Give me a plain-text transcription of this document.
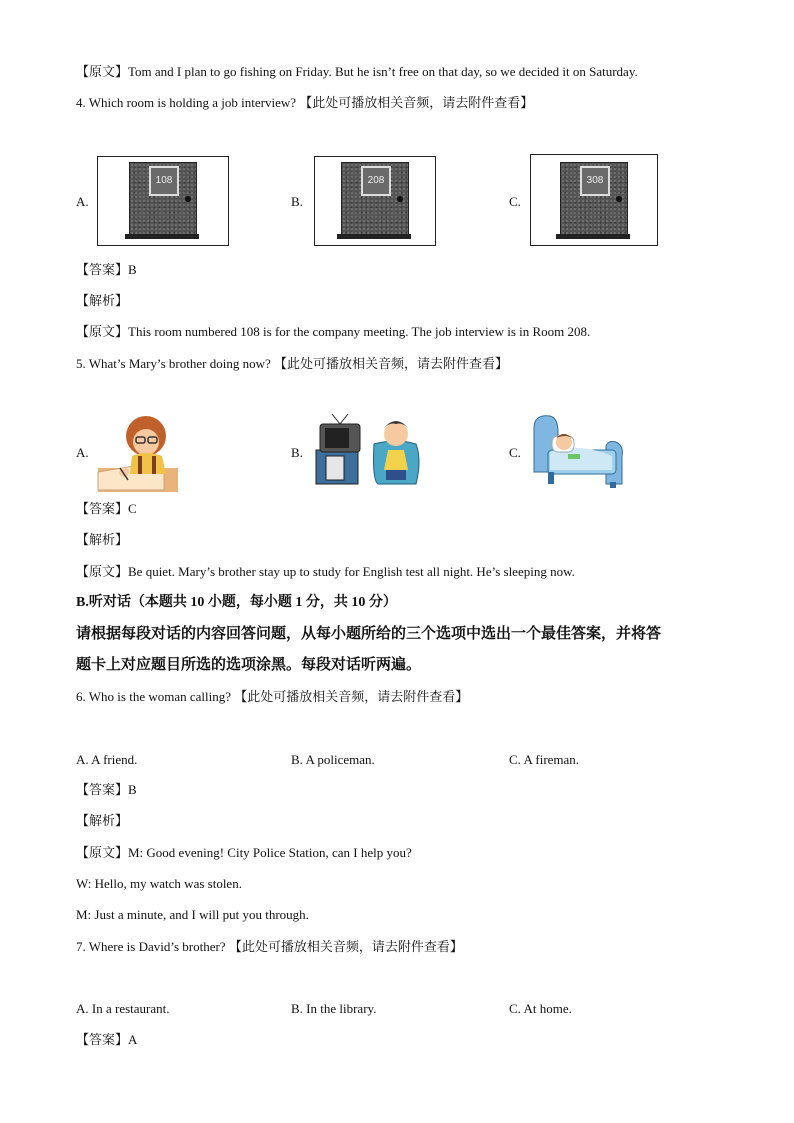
【原文】Tom and I plan to go fishing on Friday. But he isn’t free on that day, so we decided it on Saturday.
4. Which room is holding a job interview? 【此处可播放相关音频，请去附件查看】
A.
108
B.
208
C.
308
【答案】B
【解析】
【原文】This room numbered 108 is for the company meeting. The job interview is in Room 208.
5. What’s Mary’s brother doing now? 【此处可播放相关音频，请去附件查看】
A.	B.	C.
【答案】C
【解析】
【原文】Be quiet. Mary’s brother stay up to study for English test all night. He’s sleeping now.
B.听对话（本题共 10 小题，每小题 1 分，共 10 分）
请根据每段对话的内容回答问题，从每小题所给的三个选项中选出一个最佳答案，并将答
题卡上对应题目所选的选项涂黑。每段对话听两遍。
6. Who is the woman calling? 【此处可播放相关音频，请去附件查看】
A. A friend.	B. A policeman.	C. A fireman.
【答案】B
【解析】
【原文】M: Good evening! City Police Station, can I help you?
W: Hello, my watch was stolen.
M: Just a minute, and I will put you through.
7. Where is David’s brother? 【此处可播放相关音频，请去附件查看】
A. In a restaurant.	B. In the library.	C. At home.
【答案】A
